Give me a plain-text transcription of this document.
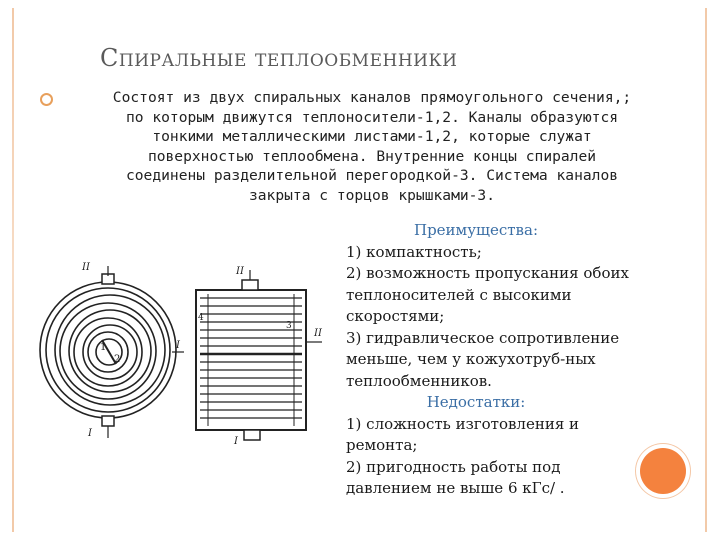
Спиральные теплообменники
Состоят из двух спиральных каналов прямоугольного сечения,;
по которым движутся теплоносители-1,2. Каналы образуются
тонкими металлическими листами-1,2, которые служат
поверхностью теплообмена. Внутренние концы спиралей
соединены разделительной перегородкой-3. Система каналов
закрыта с торцов крышками-3.
Преимущества:
1) компактность;
2) возможность пропускания обоих
теплоносителей с высокими
скоростями;
3) гидравлическое сопротивление
меньше, чем у кожухотруб-ных
теплообменников.
Недостатки:
1) сложность изготовления и
ремонта;
2) пригодность работы под
давлением не выше 6 кГс/ .
II
I
1
2
II
I
I
II
4
3
